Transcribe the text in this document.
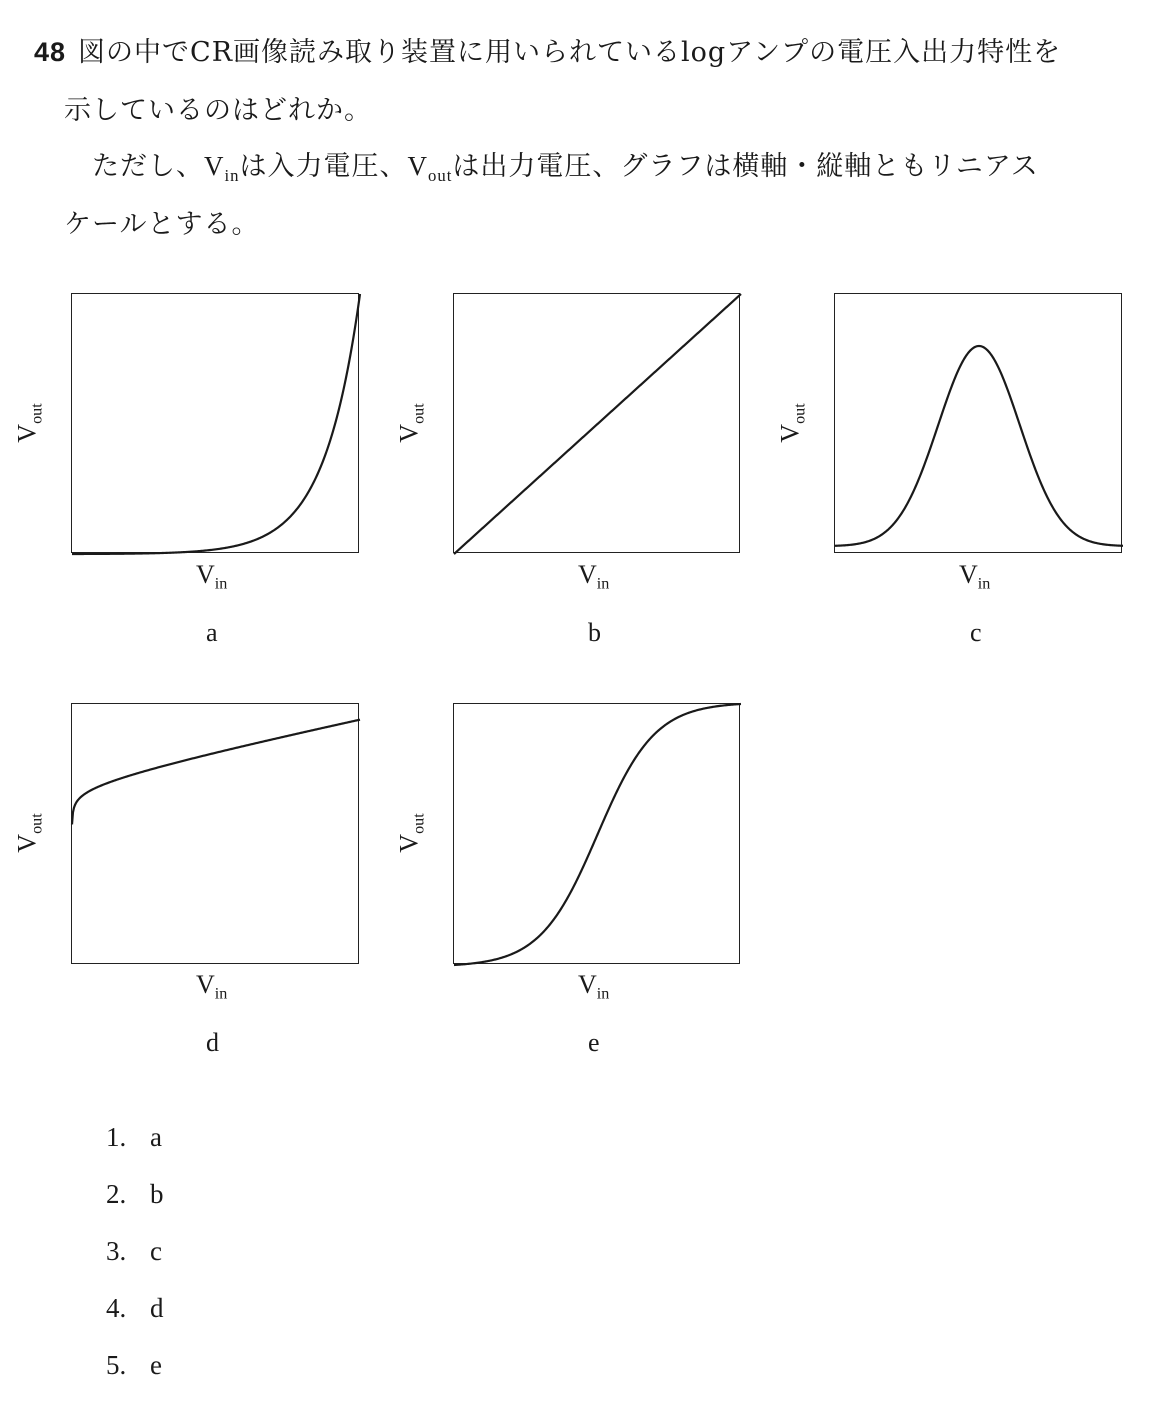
48 図の中でCR画像読み取り装置に用いられているlogアンプの電圧入出力特性を
示しているのはどれか。
ただし、$V_{in}$は入力電圧、$V_{out}$は出力電圧、グラフは横軸・縦軸ともリニアス
ケールとする。
$V_{out}$
$V_{in}$
a
$V_{out}$
$V_{in}$
b
$V_{out}$
$V_{in}$
c
$V_{out}$
$V_{in}$
d
$V_{out}$
$V_{in}$
e
1. a
2. b
3. c
4. d
5. e
